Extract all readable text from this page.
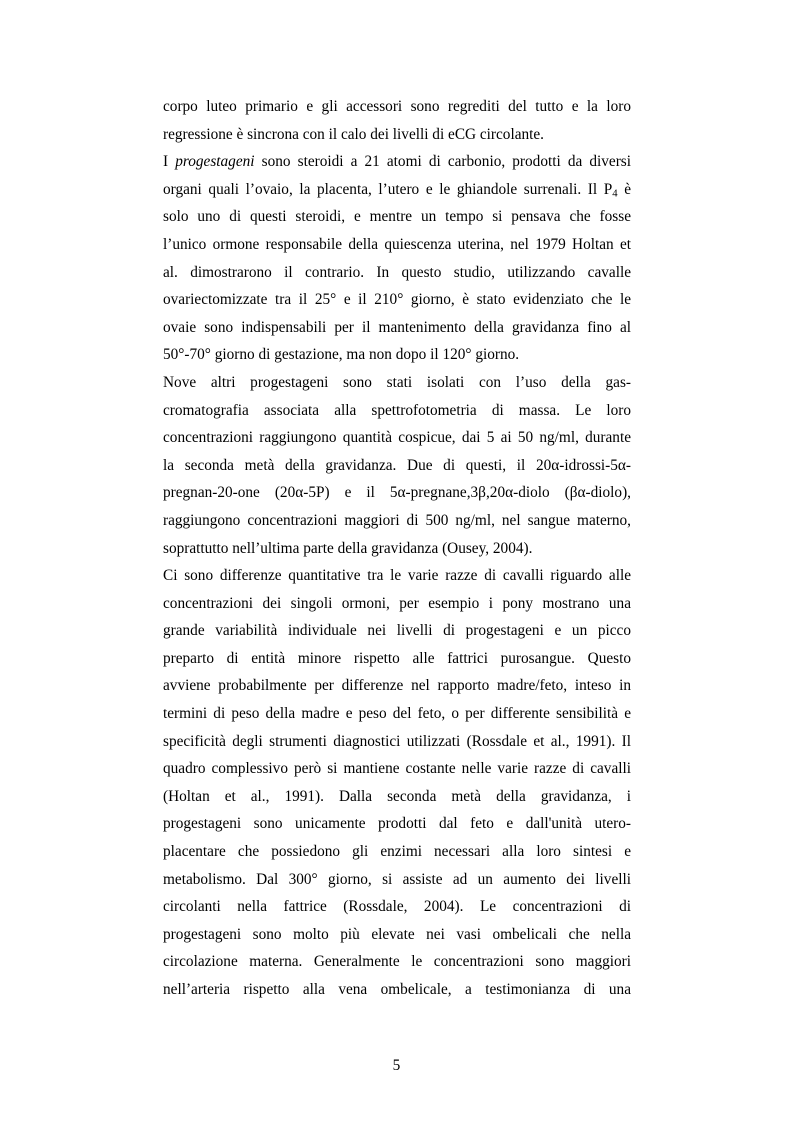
corpo luteo primario e gli accessori sono regrediti del tutto e la loro
regressione è sincrona con il calo dei livelli di eCG circolante.

I progestageni sono steroidi a 21 atomi di carbonio, prodotti da diversi
organi quali l’ovaio, la placenta, l’utero e le ghiandole surrenali. Il $P_4$ è
solo uno di questi steroidi, e mentre un tempo si pensava che fosse
l’unico ormone responsabile della quiescenza uterina, nel 1979 Holtan et
al. dimostrarono il contrario. In questo studio, utilizzando cavalle
ovariectomizzate tra il 25° e il 210° giorno, è stato evidenziato che le
ovaie sono indispensabili per il mantenimento della gravidanza fino al
50°-70° giorno di gestazione, ma non dopo il 120° giorno.

Nove altri progestageni sono stati isolati con l’uso della gas-
cromatografia associata alla spettrofotometria di massa. Le loro
concentrazioni raggiungono quantità cospicue, dai 5 ai 50 ng/ml, durante
la seconda metà della gravidanza. Due di questi, il 20α-idrossi-5α-
pregnan-20-one (20α-5P) e il 5α-pregnane,3β,20α-diolo (βα-diolo),
raggiungono concentrazioni maggiori di 500 ng/ml, nel sangue materno,
soprattutto nell’ultima parte della gravidanza (Ousey, 2004).

Ci sono differenze quantitative tra le varie razze di cavalli riguardo alle
concentrazioni dei singoli ormoni, per esempio i pony mostrano una
grande variabilità individuale nei livelli di progestageni e un picco
preparto di entità minore rispetto alle fattrici purosangue. Questo
avviene probabilmente per differenze nel rapporto madre/feto, inteso in
termini di peso della madre e peso del feto, o per differente sensibilità e
specificità degli strumenti diagnostici utilizzati (Rossdale et al., 1991). Il
quadro complessivo però si mantiene costante nelle varie razze di cavalli
(Holtan et al., 1991). Dalla seconda metà della gravidanza, i
progestageni sono unicamente prodotti dal feto e dall'unità utero-
placentare che possiedono gli enzimi necessari alla loro sintesi e
metabolismo. Dal 300° giorno, si assiste ad un aumento dei livelli
circolanti nella fattrice (Rossdale, 2004). Le concentrazioni di
progestageni sono molto più elevate nei vasi ombelicali che nella
circolazione materna. Generalmente le concentrazioni sono maggiori
nell’arteria rispetto alla vena ombelicale, a testimonianza di una

5
